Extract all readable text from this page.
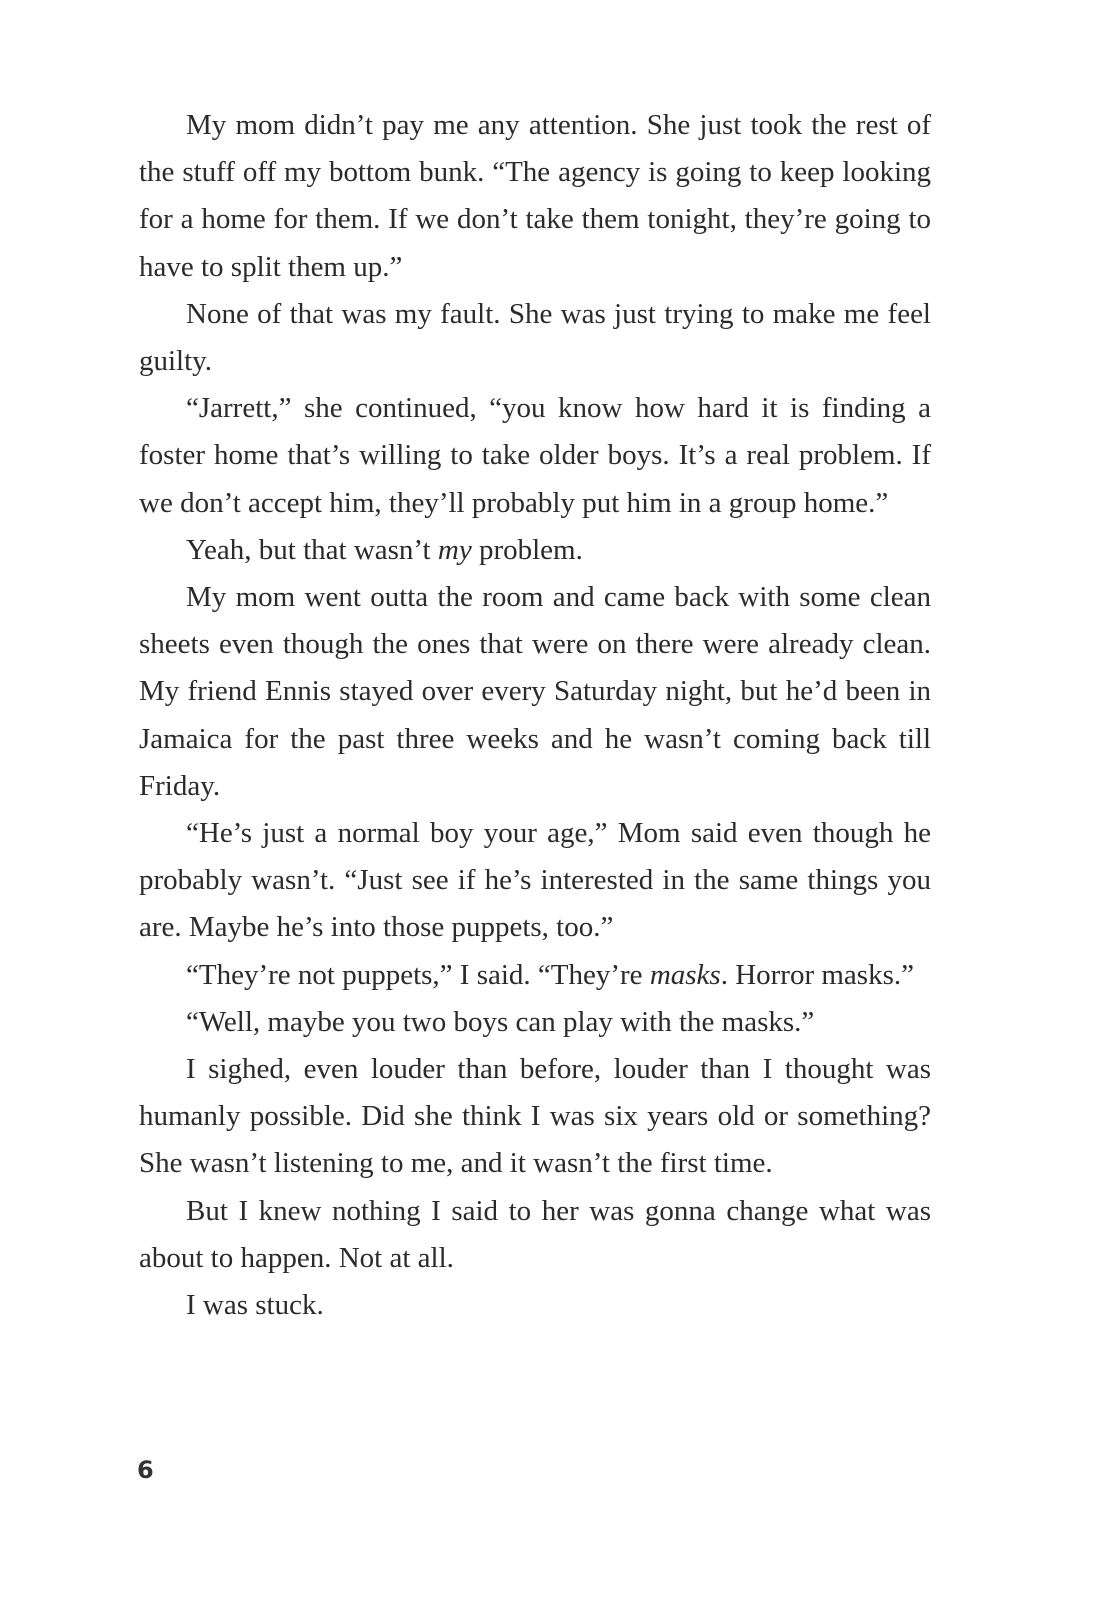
My mom didn’t pay me any attention. She just took the rest of the stuff off my bottom bunk. “The agency is going to keep looking for a home for them. If we don’t take them tonight, they’re going to have to split them up.”

None of that was my fault. She was just trying to make me feel guilty.

“Jarrett,” she continued, “you know how hard it is finding a foster home that’s willing to take older boys. It’s a real problem. If we don’t accept him, they’ll probably put him in a group home.”

Yeah, but that wasn’t my problem.

My mom went outta the room and came back with some clean sheets even though the ones that were on there were already clean. My friend Ennis stayed over every Saturday night, but he’d been in Jamaica for the past three weeks and he wasn’t coming back till Friday.

“He’s just a normal boy your age,” Mom said even though he probably wasn’t. “Just see if he’s interested in the same things you are. Maybe he’s into those puppets, too.”

“They’re not puppets,” I said. “They’re masks. Horror masks.”

“Well, maybe you two boys can play with the masks.”

I sighed, even louder than before, louder than I thought was humanly possible. Did she think I was six years old or something? She wasn’t listening to me, and it wasn’t the first time.

But I knew nothing I said to her was gonna change what was about to happen. Not at all.

I was stuck.

6
